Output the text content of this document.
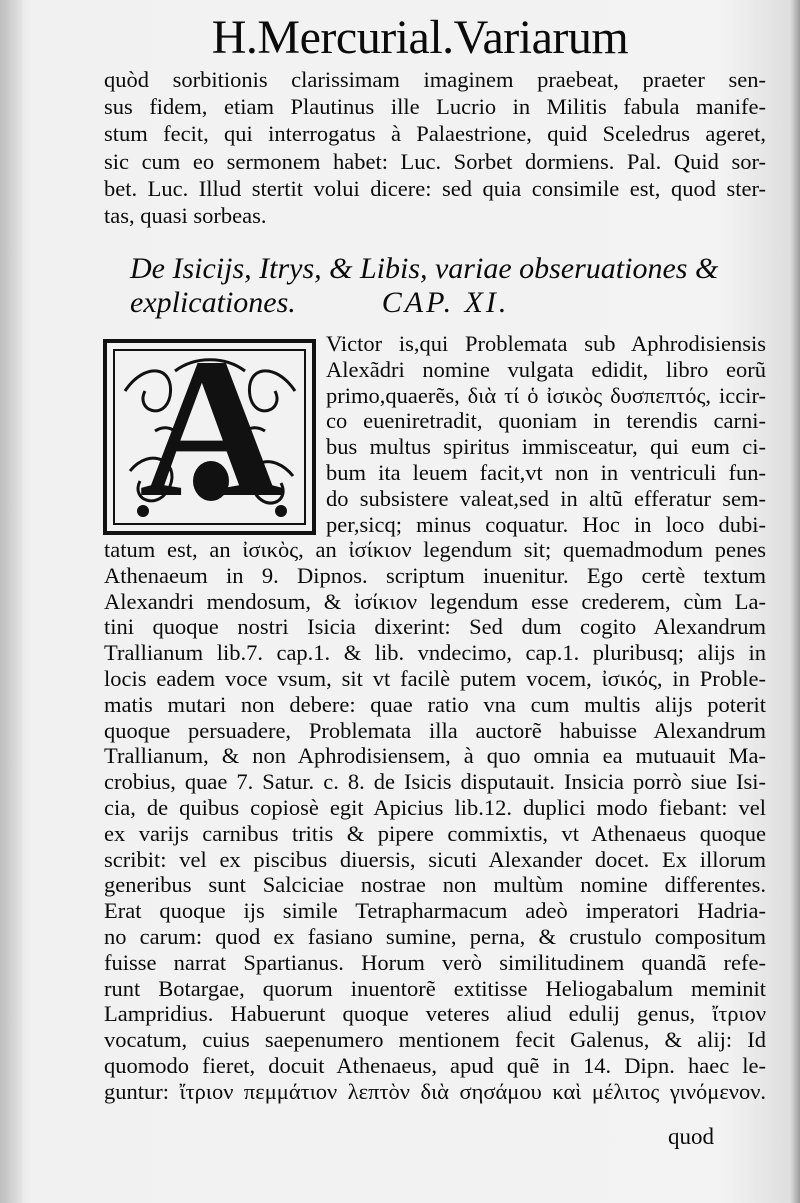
H.Mercurial.Variarum
quòd sorbitionis clarissimam imaginem praebeat, praeter sen-
sus fidem, etiam Plautinus ille Lucrio in Militis fabula manife-
stum fecit, qui interrogatus à Palaestrione, quid Sceledrus ageret,
sic cum eo sermonem habet: Luc. Sorbet dormiens. Pal. Quid sor-
bet. Luc. Illud stertit volui dicere: sed quia consimile est, quod ster-
tas, quasi sorbeas.
De Isicijs, Itrys, & Libis, variae obseruationes &
explicationes.	CAP. XI.
A	Victor is,qui Problemata sub Aphrodisiensis
Alexãdri nomine vulgata edidit, libro eorũ
primo,quaerẽs, διὰ τί ὁ ἰσικὸς δυσπεπτός, iccir-
co eueniretradit, quoniam in terendis carni-
bus multus spiritus immisceatur, qui eum ci-
bum ita leuem facit,vt non in ventriculi fun-
do subsistere valeat,sed in altũ efferatur sem-
per,sicq; minus coquatur. Hoc in loco dubi-
tatum est, an ἰσικὸς, an ἰσίκιον legendum sit; quemadmodum penes
Athenaeum in 9. Dipnos. scriptum inuenitur. Ego certè textum
Alexandri mendosum, & ἰσίκιον legendum esse crederem, cùm La-
tini quoque nostri Isicia dixerint: Sed dum cogito Alexandrum
Trallianum lib.7. cap.1. & lib. vndecimo, cap.1. pluribusq; alijs in
locis eadem voce vsum, sit vt facilè putem vocem, ἰσικός, in Proble-
matis mutari non debere: quae ratio vna cum multis alijs poterit
quoque persuadere, Problemata illa auctorẽ habuisse Alexandrum
Trallianum, & non Aphrodisiensem, à quo omnia ea mutuauit Ma-
crobius, quae 7. Satur. c. 8. de Isicis disputauit. Insicia porrò siue Isi-
cia, de quibus copiosè egit Apicius lib.12. duplici modo fiebant: vel
ex varijs carnibus tritis & pipere commixtis, vt Athenaeus quoque
scribit: vel ex piscibus diuersis, sicuti Alexander docet. Ex illorum
generibus sunt Salciciae nostrae non multùm nomine differentes.
Erat quoque ijs simile Tetrapharmacum adeò imperatori Hadria-
no carum: quod ex fasiano sumine, perna, & crustulo compositum
fuisse narrat Spartianus. Horum verò similitudinem quandã refe-
runt Botargae, quorum inuentorẽ extitisse Heliogabalum meminit
Lampridius. Habuerunt quoque veteres aliud edulij genus, ἴτριον
vocatum, cuius saepenumero mentionem fecit Galenus, & alij: Id
quomodo fieret, docuit Athenaeus, apud quẽ in 14. Dipn. haec le-
guntur: ἴτριον πεμμάτιον λεπτὸν διὰ σησάμου καὶ μέλιτος γινόμενον.
quod
